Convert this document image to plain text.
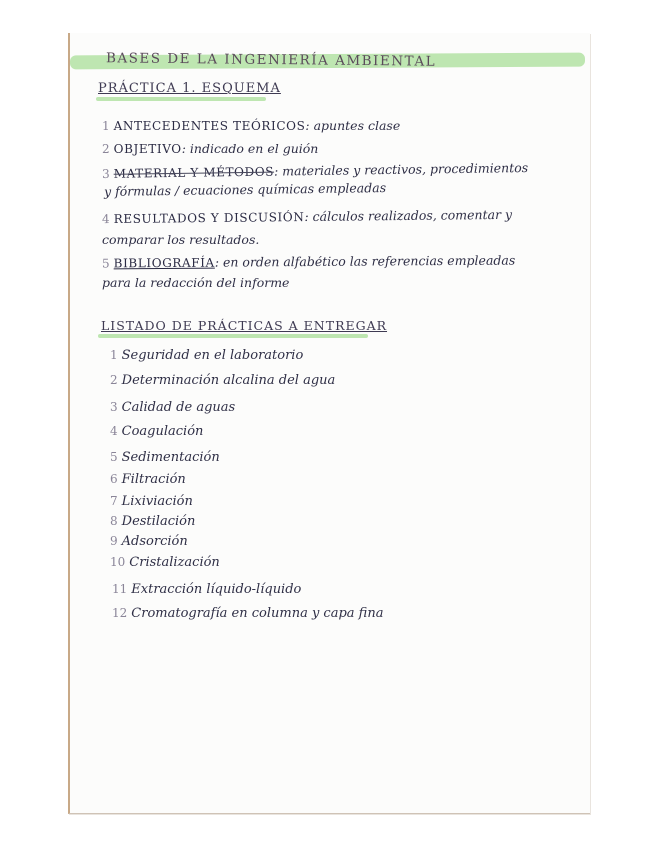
BASES DE LA INGENIERÍA AMBIENTAL
PRÁCTICA 1. ESQUEMA
1 ANTECEDENTES TEÓRICOS: apuntes clase
2 OBJETIVO: indicado en el guión
3 MATERIAL Y MÉTODOS: materiales y reactivos, procedimientos
y fórmulas / ecuaciones químicas empleadas
4 RESULTADOS Y DISCUSIÓN: cálculos realizados, comentar y
comparar los resultados.
5 BIBLIOGRAFÍA: en orden alfabético las referencias empleadas
para la redacción del informe
LISTADO DE PRÁCTICAS A ENTREGAR
1 Seguridad en el laboratorio
2 Determinación alcalina del agua
3 Calidad de aguas
4 Coagulación
5 Sedimentación
6 Filtración
7 Lixiviación
8 Destilación
9 Adsorción
10 Cristalización
11 Extracción líquido-líquido
12 Cromatografía en columna y capa fina
